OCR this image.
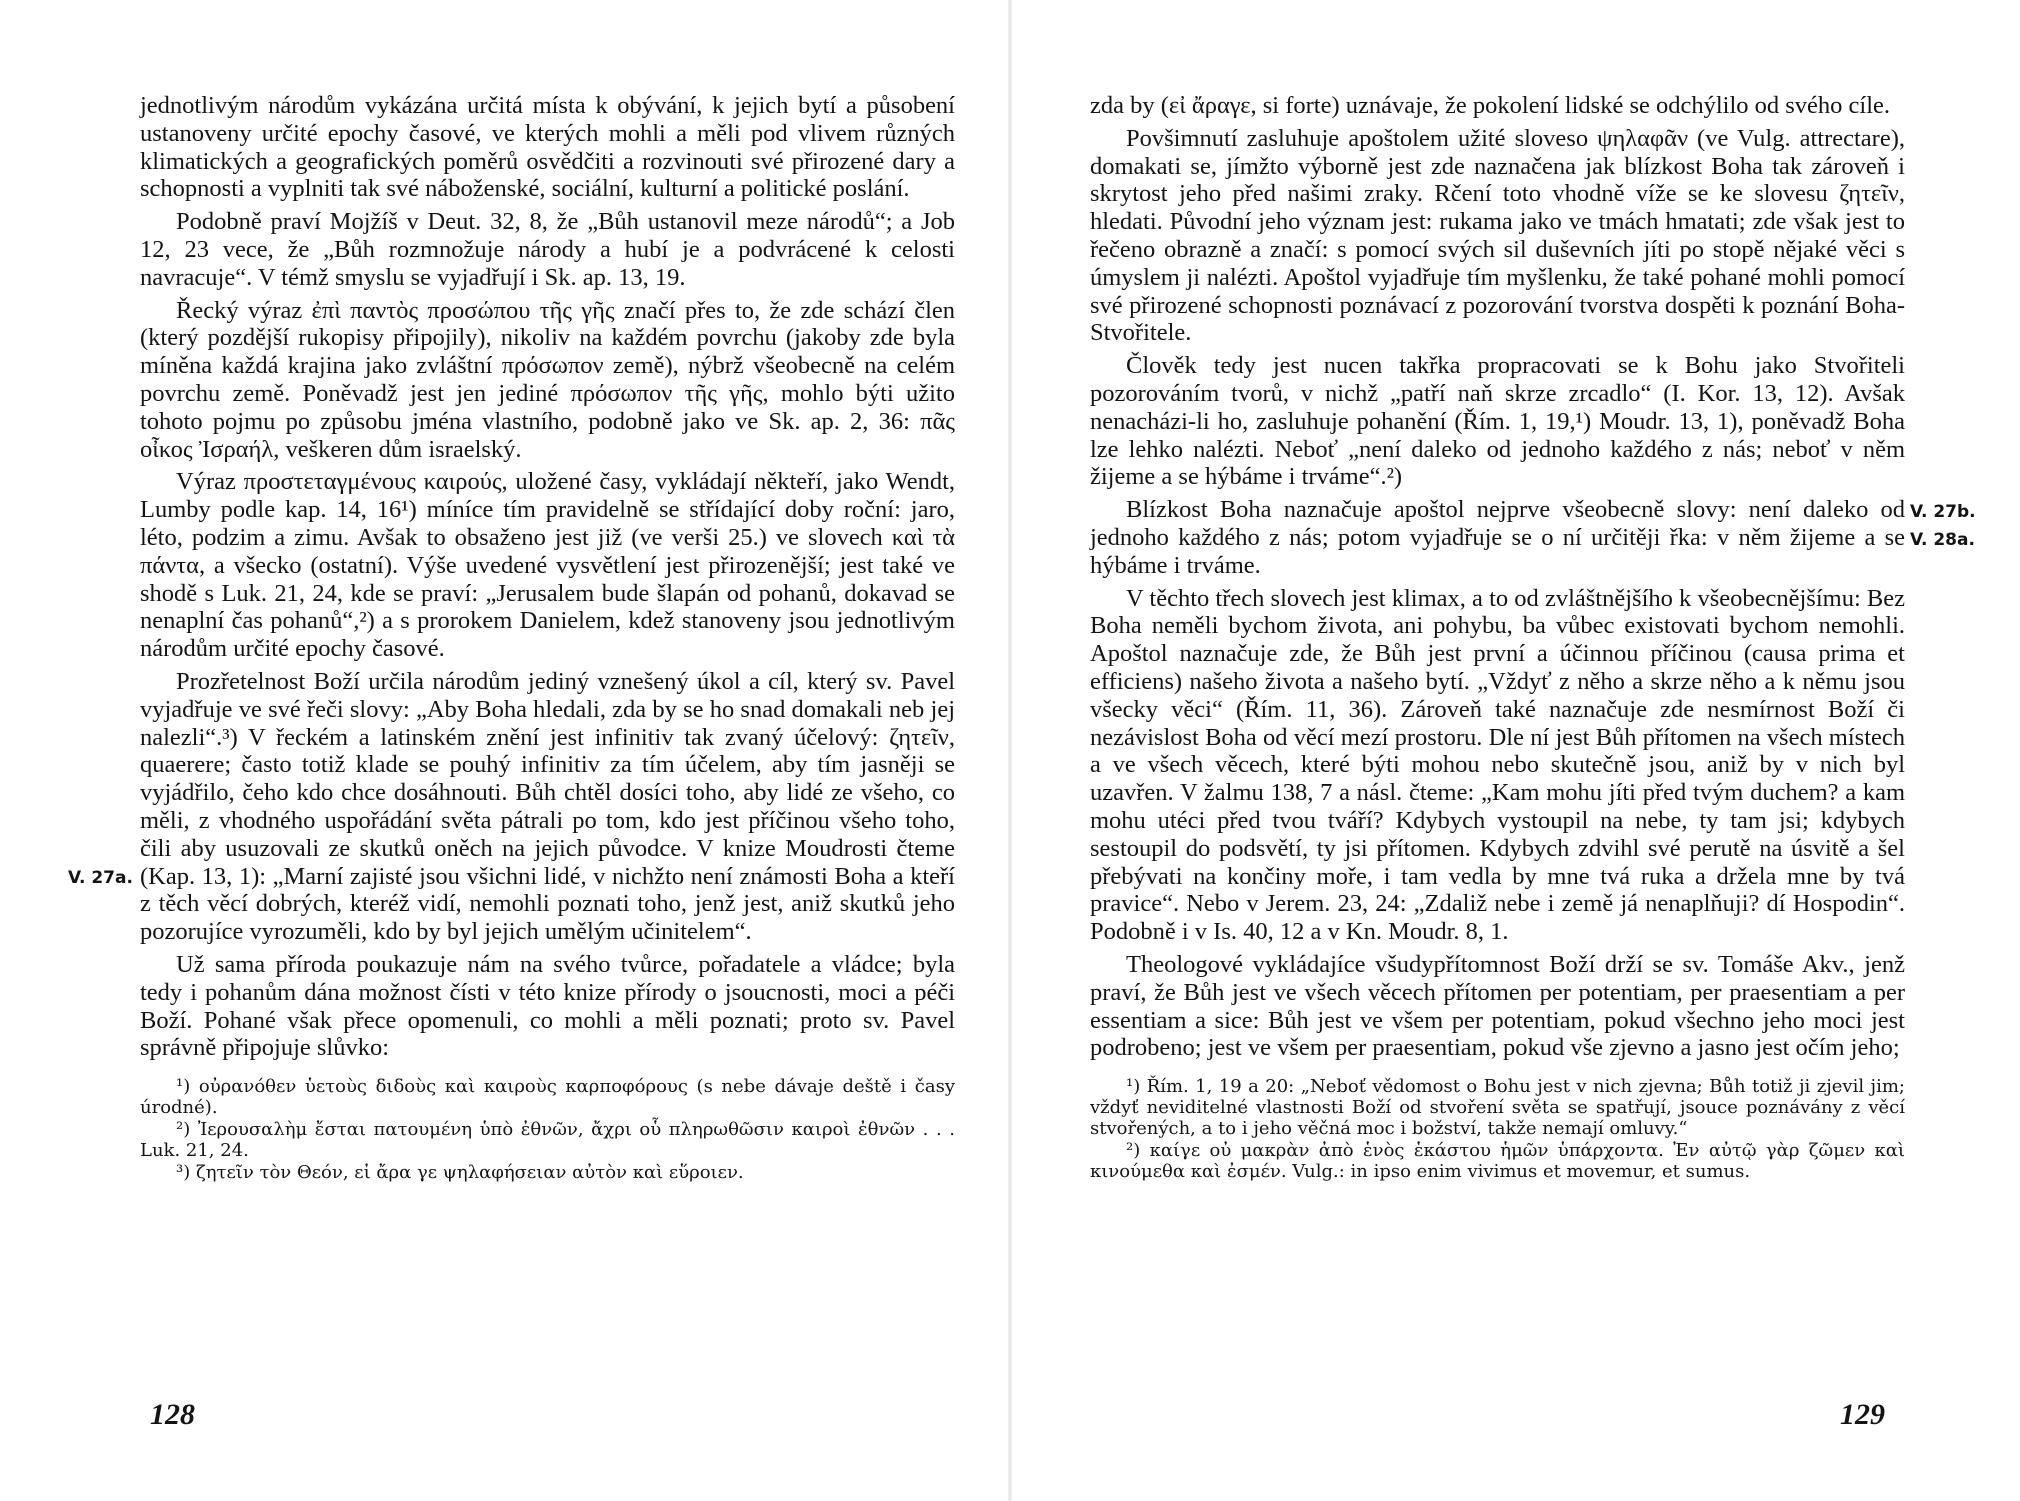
jednotlivým národům vykázána určitá místa k obývání, k jejich bytí a působení ustanoveny určité epochy časové, ve kterých mohli a měli pod vlivem různých klimatických a geografických poměrů osvědčiti a rozvinouti své přirozené dary a schopnosti a vyplniti tak své náboženské, sociální, kulturní a politické poslání.

Podobně praví Mojžíš v Deut. 32, 8, že „Bůh ustanovil meze národů“; a Job 12, 23 vece, že „Bůh rozmnožuje národy a hubí je a podvrácené k celosti navracuje“. V témž smyslu se vyjadřují i Sk. ap. 13, 19.

Řecký výraz ἐπὶ παντὸς προσώπου τῆς γῆς značí přes to, že zde schází člen (který pozdější rukopisy připojily), nikoliv na každém povrchu (jakoby zde byla míněna každá krajina jako zvláštní πρόσωπον země), nýbrž všeobecně na celém povrchu země. Poněvadž jest jen jediné πρόσωπον τῆς γῆς, mohlo býti užito tohoto pojmu po způsobu jména vlastního, podobně jako ve Sk. ap. 2, 36: πᾶς οἶκος Ἰσραήλ, veškeren dům israelský.

Výraz προστεταγμένους καιρούς, uložené časy, vykládají někteří, jako Wendt, Lumby podle kap. 14, 16¹) míníce tím pravidelně se střídající doby roční: jaro, léto, podzim a zimu. Avšak to obsaženo jest již (ve verši 25.) ve slovech καὶ τὰ πάντα, a všecko (ostatní). Výše uvedené vysvětlení jest přirozenější; jest také ve shodě s Luk. 21, 24, kde se praví: „Jerusalem bude šlapán od pohanů, dokavad se nenaplní čas pohanů“,²) a s prorokem Danielem, kdež stanoveny jsou jednotlivým národům určité epochy časové.

Prozřetelnost Boží určila národům jediný vznešený úkol a cíl, který sv. Pavel vyjadřuje ve své řeči slovy: „Aby Boha hledali, zda by se ho snad domakali neb jej nalezli“.³) V řeckém a latinském znění jest infinitiv tak zvaný účelový: ζητεῖν, quaerere; často totiž klade se pouhý infinitiv za tím účelem, aby tím jasněji se vyjádřilo, čeho kdo chce dosáhnouti. Bůh chtěl dosíci toho, aby lidé ze všeho, co měli, z vhodného uspořádání světa pátrali po tom, kdo jest příčinou všeho toho, čili aby usuzovali ze skutků oněch na jejich původce. V knize Moudrosti čteme (Kap. 13, 1): „Marní zajisté jsou všichni lidé, v nichžto není známosti Boha a kteří z těch věcí dobrých, kteréž vidí, nemohli poznati toho, jenž jest, aniž skutků jeho pozorujíce vyrozuměli, kdo by byl jejich umělým učinitelem“.

Už sama příroda poukazuje nám na svého tvůrce, pořadatele a vládce; byla tedy i pohanům dána možnost čísti v této knize přírody o jsoucnosti, moci a péči Boží. Pohané však přece opomenuli, co mohli a měli poznati; proto sv. Pavel správně připojuje slůvko:

¹) οὐρανόθεν ὑετοὺς διδοὺς καὶ καιροὺς καρποφόρους (s nebe dávaje deště i časy úrodné).

²) Ἰερουσαλὴμ ἔσται πατουμένη ὑπὸ ἐθνῶν, ἄχρι οὗ πληρωθῶσιν καιροὶ ἐθνῶν . . . Luk. 21, 24.

³) ζητεῖν τὸν Θεόν, εἰ ἄρα γε ψηλαφήσειαν αὐτὸν καὶ εὕροιεν.

V. 27a.
128

zda by (εἰ ἄραγε, si forte) uznávaje, že pokolení lidské se odchýlilo od svého cíle.

Povšimnutí zasluhuje apoštolem užité sloveso ψηλαφᾶν (ve Vulg. attrectare), domakati se, jímžto výborně jest zde naznačena jak blízkost Boha tak zároveň i skrytost jeho před našimi zraky. Rčení toto vhodně víže se ke slovesu ζητεῖν, hledati. Původní jeho význam jest: rukama jako ve tmách hmatati; zde však jest to řečeno obrazně a značí: s pomocí svých sil duševních jíti po stopě nějaké věci s úmyslem ji nalézti. Apoštol vyjadřuje tím myšlenku, že také pohané mohli pomocí své přirozené schopnosti poznávací z pozorování tvorstva dospěti k poznání Boha-Stvořitele.

Člověk tedy jest nucen takřka propracovati se k Bohu jako Stvořiteli pozorováním tvorů, v nichž „patří naň skrze zrcadlo“ (I. Kor. 13, 12). Avšak nenacházi-li ho, zasluhuje pohanění (Řím. 1, 19,¹) Moudr. 13, 1), poněvadž Boha lze lehko nalézti. Neboť „není daleko od jednoho každého z nás; neboť v něm žijeme a se hýbáme i trváme“.²)

Blízkost Boha naznačuje apoštol nejprve všeobecně slovy: není daleko od jednoho každého z nás; potom vyjadřuje se o ní určitěji řka: v něm žijeme a se hýbáme i trváme.

V těchto třech slovech jest klimax, a to od zvláštnějšího k všeobecnějšímu: Bez Boha neměli bychom života, ani pohybu, ba vůbec existovati bychom nemohli. Apoštol naznačuje zde, že Bůh jest první a účinnou příčinou (causa prima et efficiens) našeho života a našeho bytí. „Vždyť z něho a skrze něho a k němu jsou všecky věci“ (Řím. 11, 36). Zároveň také naznačuje zde nesmírnost Boží či nezávislost Boha od věcí mezí prostoru. Dle ní jest Bůh přítomen na všech místech a ve všech věcech, které býti mohou nebo skutečně jsou, aniž by v nich byl uzavřen. V žalmu 138, 7 a násl. čteme: „Kam mohu jíti před tvým duchem? a kam mohu utéci před tvou tváří? Kdybych vystoupil na nebe, ty tam jsi; kdybych sestoupil do podsvětí, ty jsi přítomen. Kdybych zdvihl své perutě na úsvitě a šel přebývati na končiny moře, i tam vedla by mne tvá ruka a držela mne by tvá pravice“. Nebo v Jerem. 23, 24: „Zdaliž nebe i země já nenaplňuji? dí Hospodin“. Podobně i v Is. 40, 12 a v Kn. Moudr. 8, 1.

Theologové vykládajíce všudypřítomnost Boží drží se sv. Tomáše Akv., jenž praví, že Bůh jest ve všech věcech přítomen per potentiam, per praesentiam a per essentiam a sice: Bůh jest ve všem per potentiam, pokud všechno jeho moci jest podrobeno; jest ve všem per praesentiam, pokud vše zjevno a jasno jest očím jeho;

¹) Řím. 1, 19 a 20: „Neboť vědomost o Bohu jest v nich zjevna; Bůh totiž ji zjevil jim; vždyť neviditelné vlastnosti Boží od stvoření světa se spatřují, jsouce poznávány z věcí stvořených, a to i jeho věčná moc i božství, takže nemají omluvy.“

²) καίγε οὐ μακρὰν ἀπὸ ἑνὸς ἑκάστου ἡμῶν ὑπάρχοντα. Ἐν αὐτῷ γὰρ ζῶμεν καὶ κινούμεθα καὶ ἐσμέν. Vulg.: in ipso enim vivimus et movemur, et sumus.

V. 27b.
V. 28a.
129
